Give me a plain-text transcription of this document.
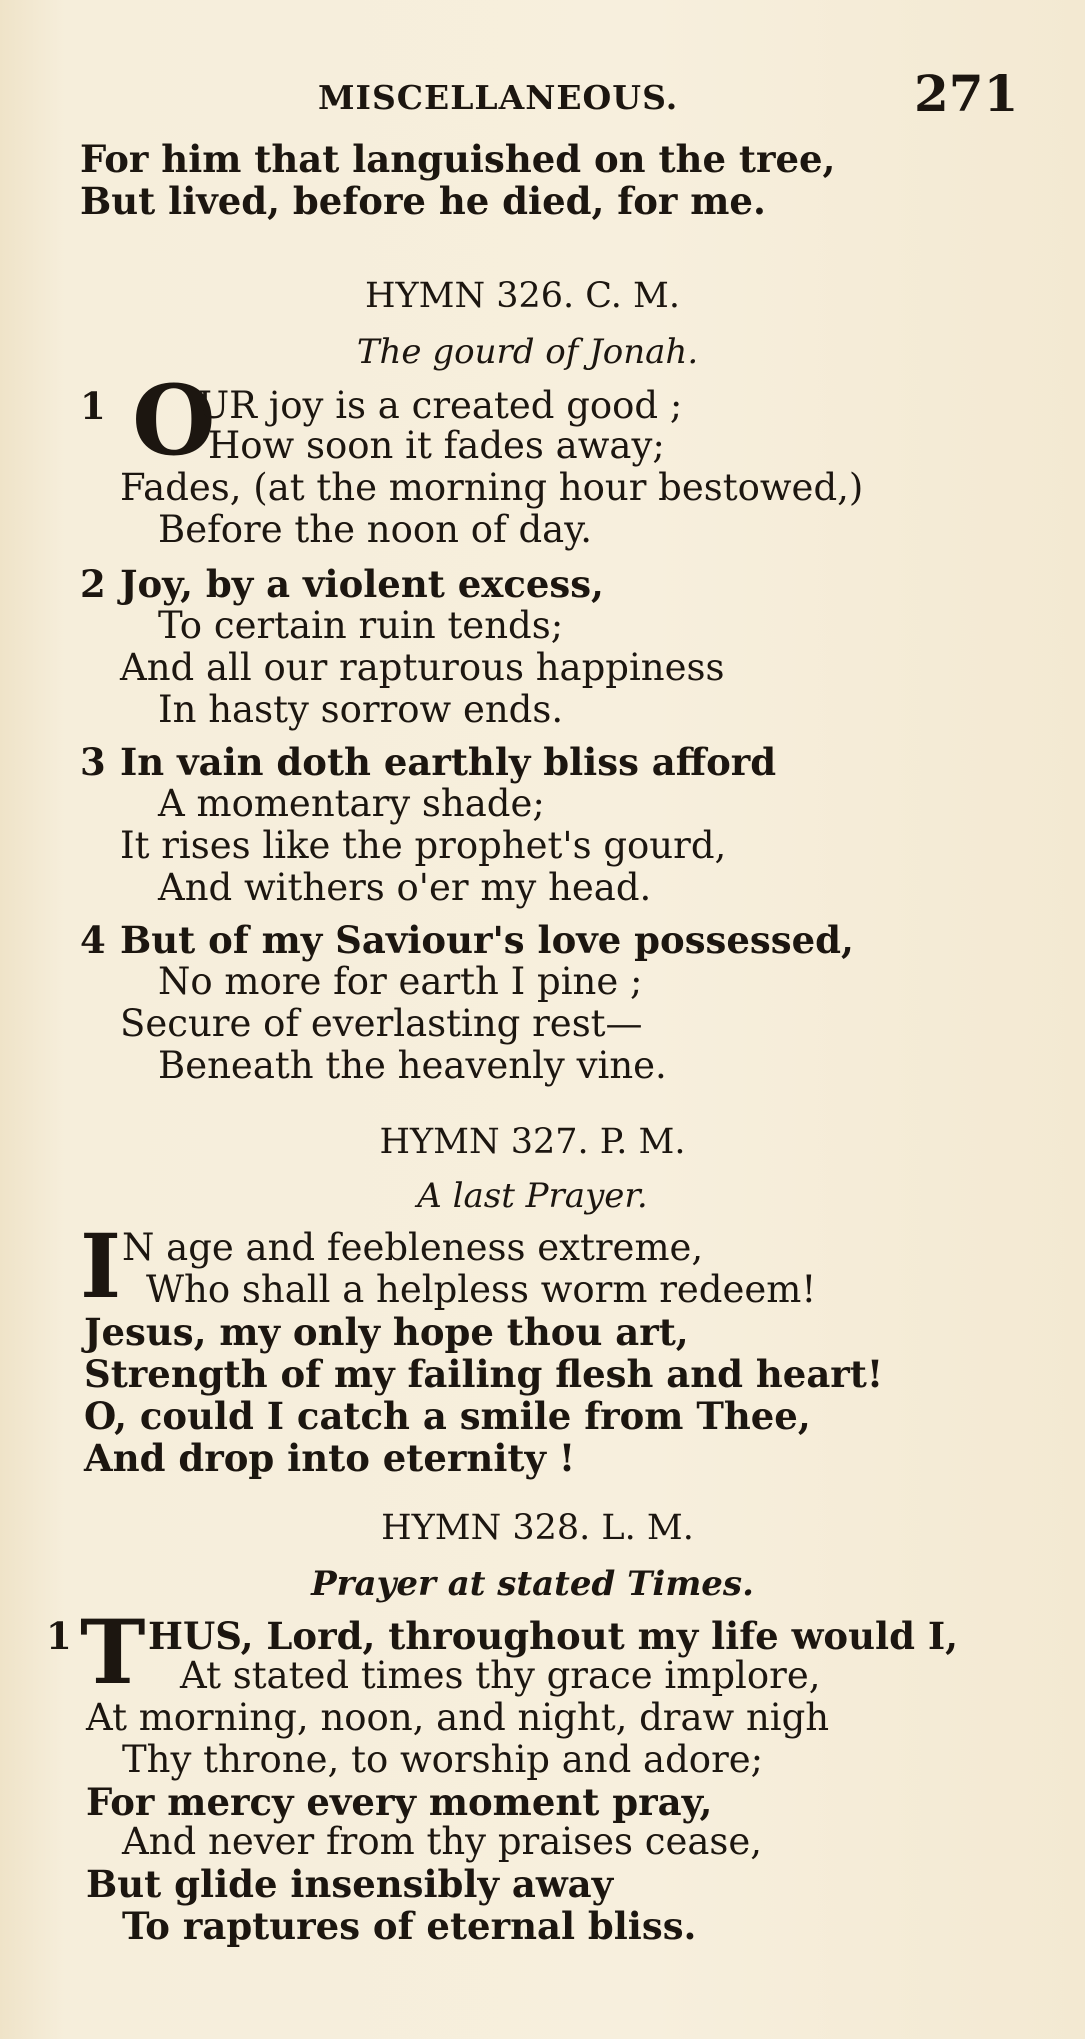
MISCELLANEOUS.	271
For him that languished on the tree,
But lived, before he died, for me.
HYMN 326. C. M.
The gourd of Jonah.
1 O
UR joy is a created good ;
How soon it fades away;
Fades, (at the morning hour bestowed,)
Before the noon of day.
2 Joy, by a violent excess,
To certain ruin tends;
And all our rapturous happiness
In hasty sorrow ends.
3 In vain doth earthly bliss afford
A momentary shade;
It rises like the prophet's gourd,
And withers o'er my head.
4 But of my Saviour's love possessed,
No more for earth I pine ;
Secure of everlasting rest—
Beneath the heavenly vine.
HYMN 327. P. M.
A last Prayer.
I N age and feebleness extreme,
Who shall a helpless worm redeem!
Jesus, my only hope thou art,
Strength of my failing flesh and heart!
O, could I catch a smile from Thee,
And drop into eternity !
HYMN 328. L. M.
Prayer at stated Times.
1 T HUS, Lord, throughout my life would I,
At stated times thy grace implore,
At morning, noon, and night, draw nigh
Thy throne, to worship and adore;
For mercy every moment pray,
And never from thy praises cease,
But glide insensibly away
To raptures of eternal bliss.
